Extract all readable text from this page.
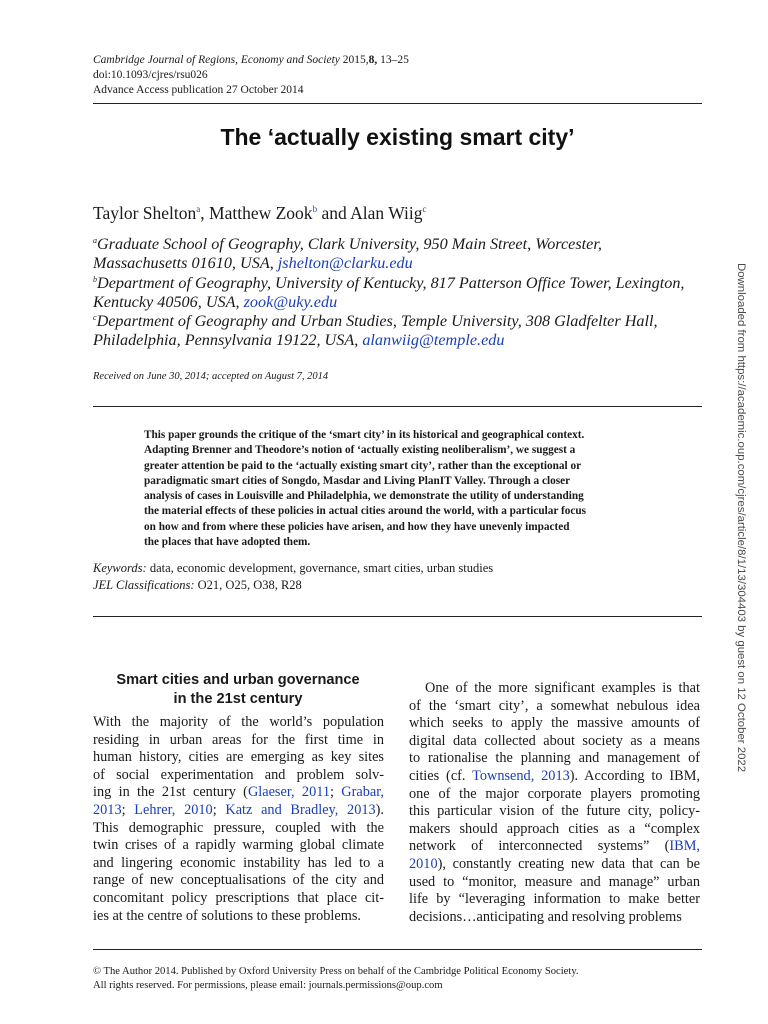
Cambridge Journal of Regions, Economy and Society 2015,8, 13–25
doi:10.1093/cjres/rsu026
Advance Access publication 27 October 2014
The ‘actually existing smart city’
Taylor Shelton$^a$, Matthew Zook$^b$ and Alan Wiig$^c$
$^a$Graduate School of Geography, Clark University, 950 Main Street, Worcester,
Massachusetts 01610, USA, jshelton@clarku.edu
$^b$Department of Geography, University of Kentucky, 817 Patterson Office Tower, Lexington,
Kentucky 40506, USA, zook@uky.edu
$^c$Department of Geography and Urban Studies, Temple University, 308 Gladfelter Hall,
Philadelphia, Pennsylvania 19122, USA, alanwiig@temple.edu
Received on June 30, 2014; accepted on August 7, 2014
This paper grounds the critique of the ‘smart city’ in its historical and geographical context.
Adapting Brenner and Theodore’s notion of ‘actually existing neoliberalism’, we suggest a
greater attention be paid to the ‘actually existing smart city’, rather than the exceptional or
paradigmatic smart cities of Songdo, Masdar and Living PlanIT Valley. Through a closer
analysis of cases in Louisville and Philadelphia, we demonstrate the utility of understanding
the material effects of these policies in actual cities around the world, with a particular focus
on how and from where these policies have arisen, and how they have unevenly impacted
the places that have adopted them.
Keywords: data, economic development, governance, smart cities, urban studies
JEL Classifications: O21, O25, O38, R28
Smart cities and urban governance
in the 21st century
With the majority of the world’s population
residing in urban areas for the first time in
human history, cities are emerging as key sites
of social experimentation and problem solv-
ing in the 21st century (Glaeser, 2011; Grabar,
2013; Lehrer, 2010; Katz and Bradley, 2013).
This demographic pressure, coupled with the
twin crises of a rapidly warming global climate
and lingering economic instability has led to a
range of new conceptualisations of the city and
concomitant policy prescriptions that place cit-
ies at the centre of solutions to these problems.
One of the more significant examples is that
of the ‘smart city’, a somewhat nebulous idea
which seeks to apply the massive amounts of
digital data collected about society as a means
to rationalise the planning and management of
cities (cf. Townsend, 2013). According to IBM,
one of the major corporate players promoting
this particular vision of the future city, policy-
makers should approach cities as a “complex
network of interconnected systems” (IBM,
2010), constantly creating new data that can be
used to “monitor, measure and manage” urban
life by “leveraging information to make better
decisions…anticipating and resolving problems
© The Author 2014. Published by Oxford University Press on behalf of the Cambridge Political Economy Society.
All rights reserved. For permissions, please email: journals.permissions@oup.com
Downloaded from https://academic.oup.com/cjres/article/8/1/13/304403 by guest on 12 October 2022
